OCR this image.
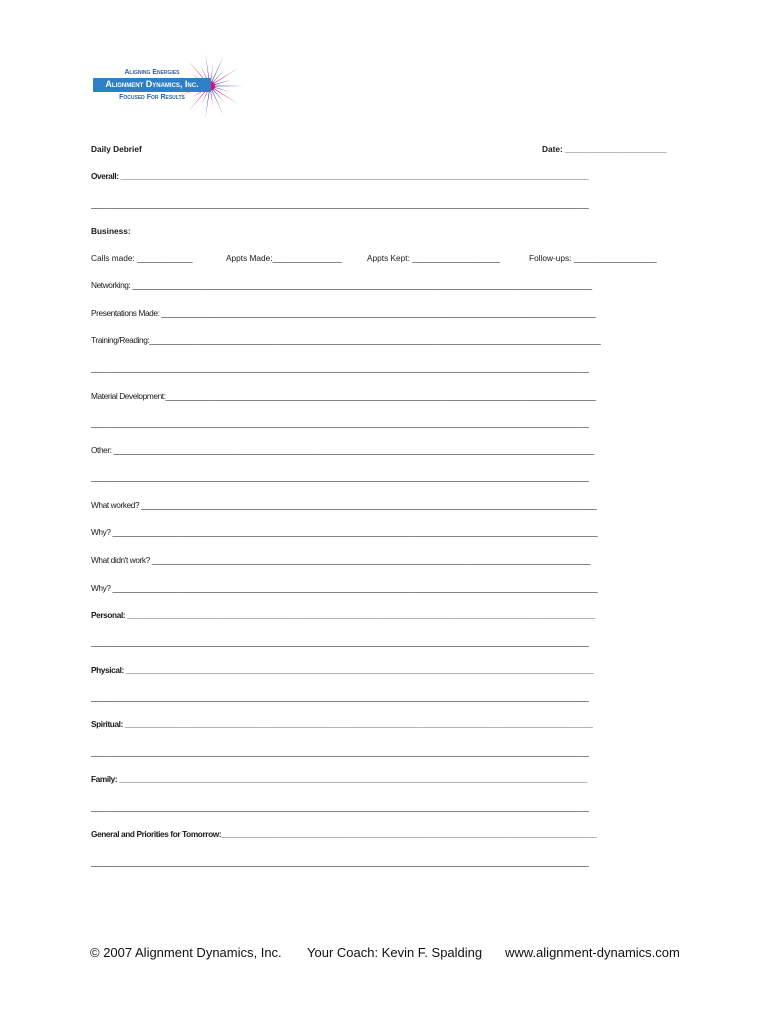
Aligning Energies
Alignment Dynamics, Inc.
Focused For Results
Daily Debrief	Date: ______________________
Overall: _______________________________________________________________________________________________________________
______________________________________________________________________________________________________________________
Business:
Calls made: ____________	Appts Made:_______________	Appts Kept: ___________________	Follow-ups: __________________
Networking: _____________________________________________________________________________________________________________
Presentations Made: _______________________________________________________________________________________________________
Training/Reading:___________________________________________________________________________________________________________
______________________________________________________________________________________________________________________
Material Development:______________________________________________________________________________________________________
______________________________________________________________________________________________________________________
Other: __________________________________________________________________________________________________________________
______________________________________________________________________________________________________________________
What worked? ____________________________________________________________________________________________________________
Why? ___________________________________________________________________________________________________________________
What didn't work? ________________________________________________________________________________________________________
Why? ___________________________________________________________________________________________________________________
Personal: _______________________________________________________________________________________________________________
______________________________________________________________________________________________________________________
Physical: _______________________________________________________________________________________________________________
______________________________________________________________________________________________________________________
Spiritual: _______________________________________________________________________________________________________________
______________________________________________________________________________________________________________________
Family: _______________________________________________________________________________________________________________
______________________________________________________________________________________________________________________
General and Priorities for Tomorrow:_________________________________________________________________________________________
______________________________________________________________________________________________________________________
© 2007 Alignment Dynamics, Inc. Your Coach: Kevin F. Spalding www.alignment-dynamics.com
